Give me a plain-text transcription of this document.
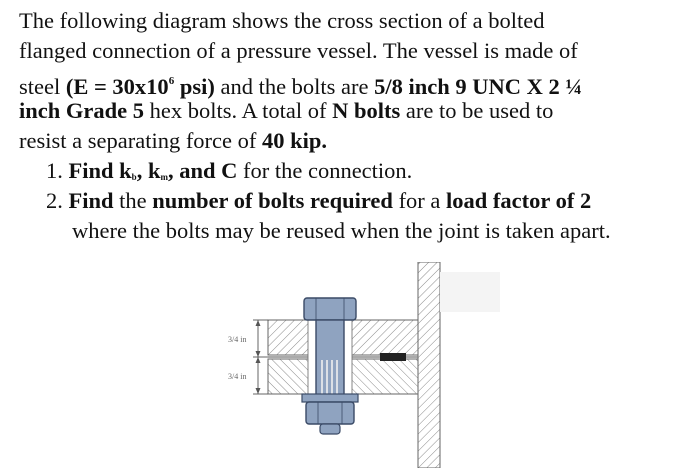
The following diagram shows the cross section of a bolted
flanged connection of a pressure vessel. The vessel is made of
steel ($E = 30x10^6$ psi) and the bolts are 5/8 inch 9 UNC X 2 ¼
inch Grade 5 hex bolts. A total of N bolts are to be used to
resist a separating force of 40 kip.
1. Find $k_b$, $k_m$, and C for the connection.
2. Find the number of bolts required for a load factor of 2
where the bolts may be reused when the joint is taken apart.
3/4 in
3/4 in
